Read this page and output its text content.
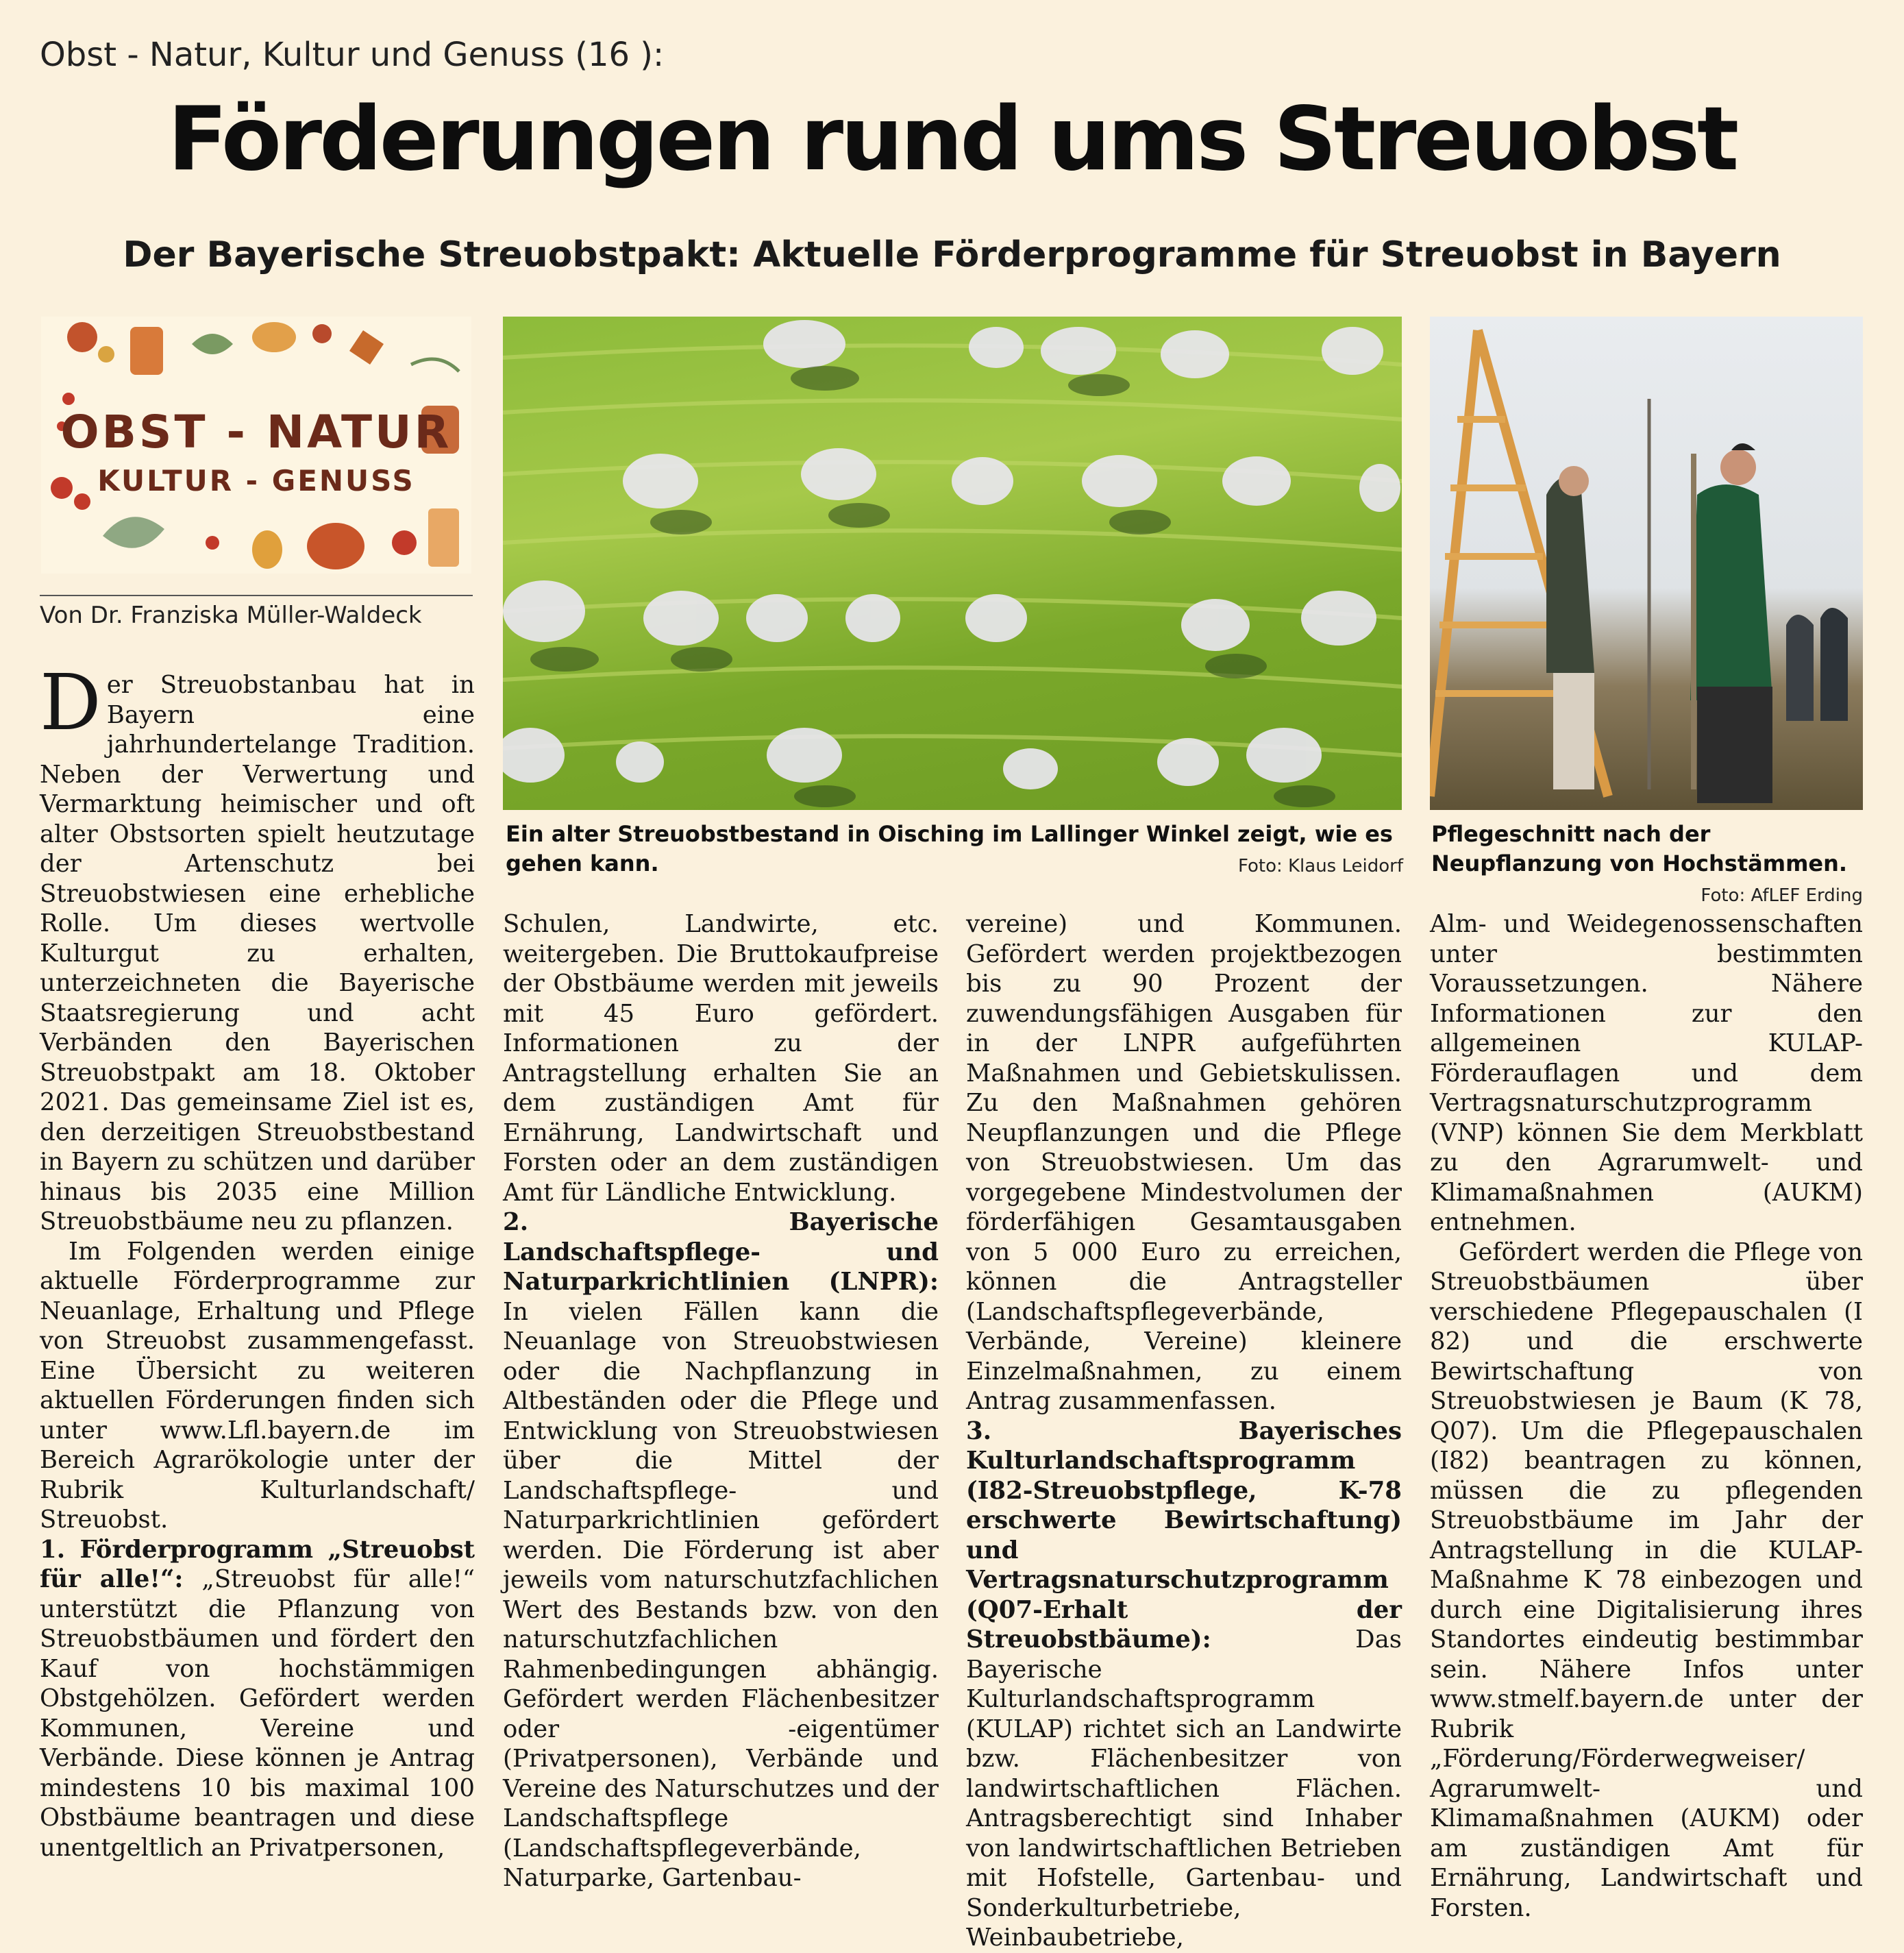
Obst - Natur, Kultur und Genuss (16 ):
Förderungen rund ums Streuobst
Der Bayerische Streuobstpakt: Aktuelle Förderprogramme für Streuobst in Bayern
OBST - NATUR
KULTUR - GENUSS
Von Dr. Franziska Müller-Waldeck
Ein alter Streuobstbestand in Oisching im Lallinger Winkel zeigt, wie es gehen kann.	Foto: Klaus Leidorf
Pflegeschnitt nach der Neupflanzung von Hochstämmen.
Foto: AfLEF Erding

D er Streuobstanbau hat in Bayern eine jahrhundertelange Tradition. Neben der Verwertung und Vermarktung heimischer und oft alter Obstsorten spielt heutzutage der Artenschutz bei Streuobstwiesen eine erhebliche Rolle. Um dieses wertvolle Kulturgut zu erhalten, unterzeichneten die Bayerische Staatsregierung und acht Verbänden den Bayerischen Streuobstpakt am 18. Oktober 2021. Das gemeinsame Ziel ist es, den derzeitigen Streuobstbestand in Bayern zu schützen und darüber hinaus bis 2035 eine Million Streuobstbäume neu zu pflanzen.

Im Folgenden werden einige aktuelle Förderprogramme zur Neuanlage, Erhaltung und Pflege von Streuobst zusammengefasst. Eine Übersicht zu weiteren aktuellen Förderungen finden sich unter www.Lfl.bayern.de im Bereich Agrarökologie unter der Rubrik Kulturlandschaft/ Streuobst.

1. Förderprogramm „Streuobst für alle!“: „Streuobst für alle!“ unterstützt die Pflanzung von Streuobstbäumen und fördert den Kauf von hochstämmigen Obstgehölzen. Gefördert werden Kommunen, Vereine und Verbände. Diese können je Antrag mindestens 10 bis maximal 100 Obstbäume beantragen und diese unentgeltlich an Privatpersonen,

Schulen, Landwirte, etc. weitergeben. Die Bruttokaufpreise der Obstbäume werden mit jeweils mit 45 Euro gefördert. Informationen zu der Antragstellung erhalten Sie an dem zuständigen Amt für Ernährung, Landwirtschaft und Forsten oder an dem zuständigen Amt für Ländliche Entwicklung.

2. Bayerische Landschaftspflege- und Naturparkrichtlinien (LNPR): In vielen Fällen kann die Neuanlage von Streuobstwiesen oder die Nachpflanzung in Altbeständen oder die Pflege und Entwicklung von Streuobstwiesen über die Mittel der Landschaftspflege- und Naturparkrichtlinien gefördert werden. Die Förderung ist aber jeweils vom naturschutzfachlichen Wert des Bestands bzw. von den naturschutzfachlichen Rahmenbedingungen abhängig. Gefördert werden Flächenbesitzer oder -eigentümer (Privatpersonen), Verbände und Vereine des Naturschutzes und der Landschaftspflege (Landschaftspflegeverbände, Naturparke, Gartenbau-

vereine) und Kommunen. Gefördert werden projektbezogen bis zu 90 Prozent der zuwendungsfähigen Ausgaben für in der LNPR aufgeführten Maßnahmen und Gebietskulissen. Zu den Maßnahmen gehören Neupflanzungen und die Pflege von Streuobstwiesen. Um das vorgegebene Mindestvolumen der förderfähigen Gesamtausgaben von 5 000 Euro zu erreichen, können die Antragsteller (Landschaftspflegeverbände, Verbände, Vereine) kleinere Einzelmaßnahmen, zu einem Antrag zusammenfassen.

3. Bayerisches Kulturlandschaftsprogramm (I82-Streuobstpflege, K-78 erschwerte Bewirtschaftung) und Vertragsnaturschutzprogramm (Q07-Erhalt der Streuobstbäume): Das Bayerische Kulturlandschaftsprogramm (KULAP) richtet sich an Landwirte bzw. Flächenbesitzer von landwirtschaftlichen Flächen. Antragsberechtigt sind Inhaber von landwirtschaftlichen Betrieben mit Hofstelle, Gartenbau- und Sonderkulturbetriebe, Weinbaubetriebe,

Alm- und Weidegenossenschaften unter bestimmten Voraussetzungen. Nähere Informationen zur den allgemeinen KULAP-Förderauflagen und dem Vertragsnaturschutzprogramm (VNP) können Sie dem Merkblatt zu den Agrarumwelt- und Klimamaßnahmen (AUKM) entnehmen.

Gefördert werden die Pflege von Streuobstbäumen über verschiedene Pflegepauschalen (I 82) und die erschwerte Bewirtschaftung von Streuobstwiesen je Baum (K 78, Q07). Um die Pflegepauschalen (I82) beantragen zu können, müssen die zu pflegenden Streuobstbäume im Jahr der Antragstellung in die KULAP-Maßnahme K 78 einbezogen und durch eine Digitalisierung ihres Standortes eindeutig bestimmbar sein. Nähere Infos unter www.stmelf.bayern.de unter der Rubrik „Förderung/Förderwegweiser/ Agrarumwelt- und Klimamaßnahmen (AUKM) oder am zuständigen Amt für Ernährung, Landwirtschaft und Forsten.
